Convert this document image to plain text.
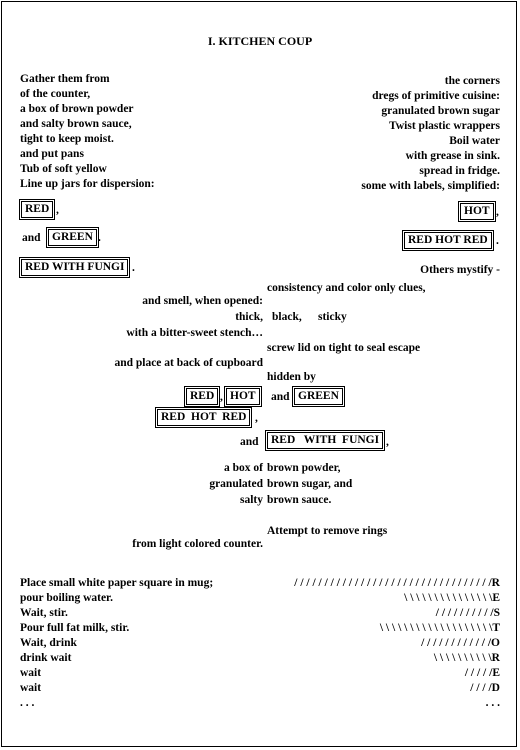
I. KITCHEN COUP
Gather them from
of the counter,
a box of brown powder
and salty brown sauce,
tight to keep moist.
and put pans
Tub of soft yellow
Line up jars for dispersion:
the corners
dregs of primitive cuisine:
granulated brown sugar
Twist plastic wrappers
Boil water
with grease in sink.
spread in fridge.
some with labels, simplified:
RED ,
and GREEN .
RED WITH FUNGI .
HOT ,
RED HOT RED .
Others mystify -
consistency and color only clues,
and smell, when opened:
thick, black, sticky
with a bitter-sweet stench…
screw lid on tight to seal escape
and place at back of cupboard
hidden by
RED , HOT	and GREEN
RED  HOT  RED ,
and	RED   WITH  FUNGI ,
a box of brown powder,
granulated brown sugar, and
salty brown sauce.
Attempt to remove rings
from light colored counter.
Place small white paper square in mug;
pour boiling water.
Wait, stir.
Pour full fat milk, stir.
Wait, drink
drink wait
wait
wait
. . .
/ / / / / / / / / / / / / / / / / / / / / / / / / / / / / / / / /R
\ \ \ \ \ \ \ \ \ \ \ \ \ \ \E
/ / / / / / / / / /S
\ \ \ \ \ \ \ \ \ \ \ \ \ \ \ \ \ \ \T
/ / / / / / / / / / / /O
\ \ \ \ \ \ \ \ \ \R
/ / / / /E
/ / / /D
. . .
